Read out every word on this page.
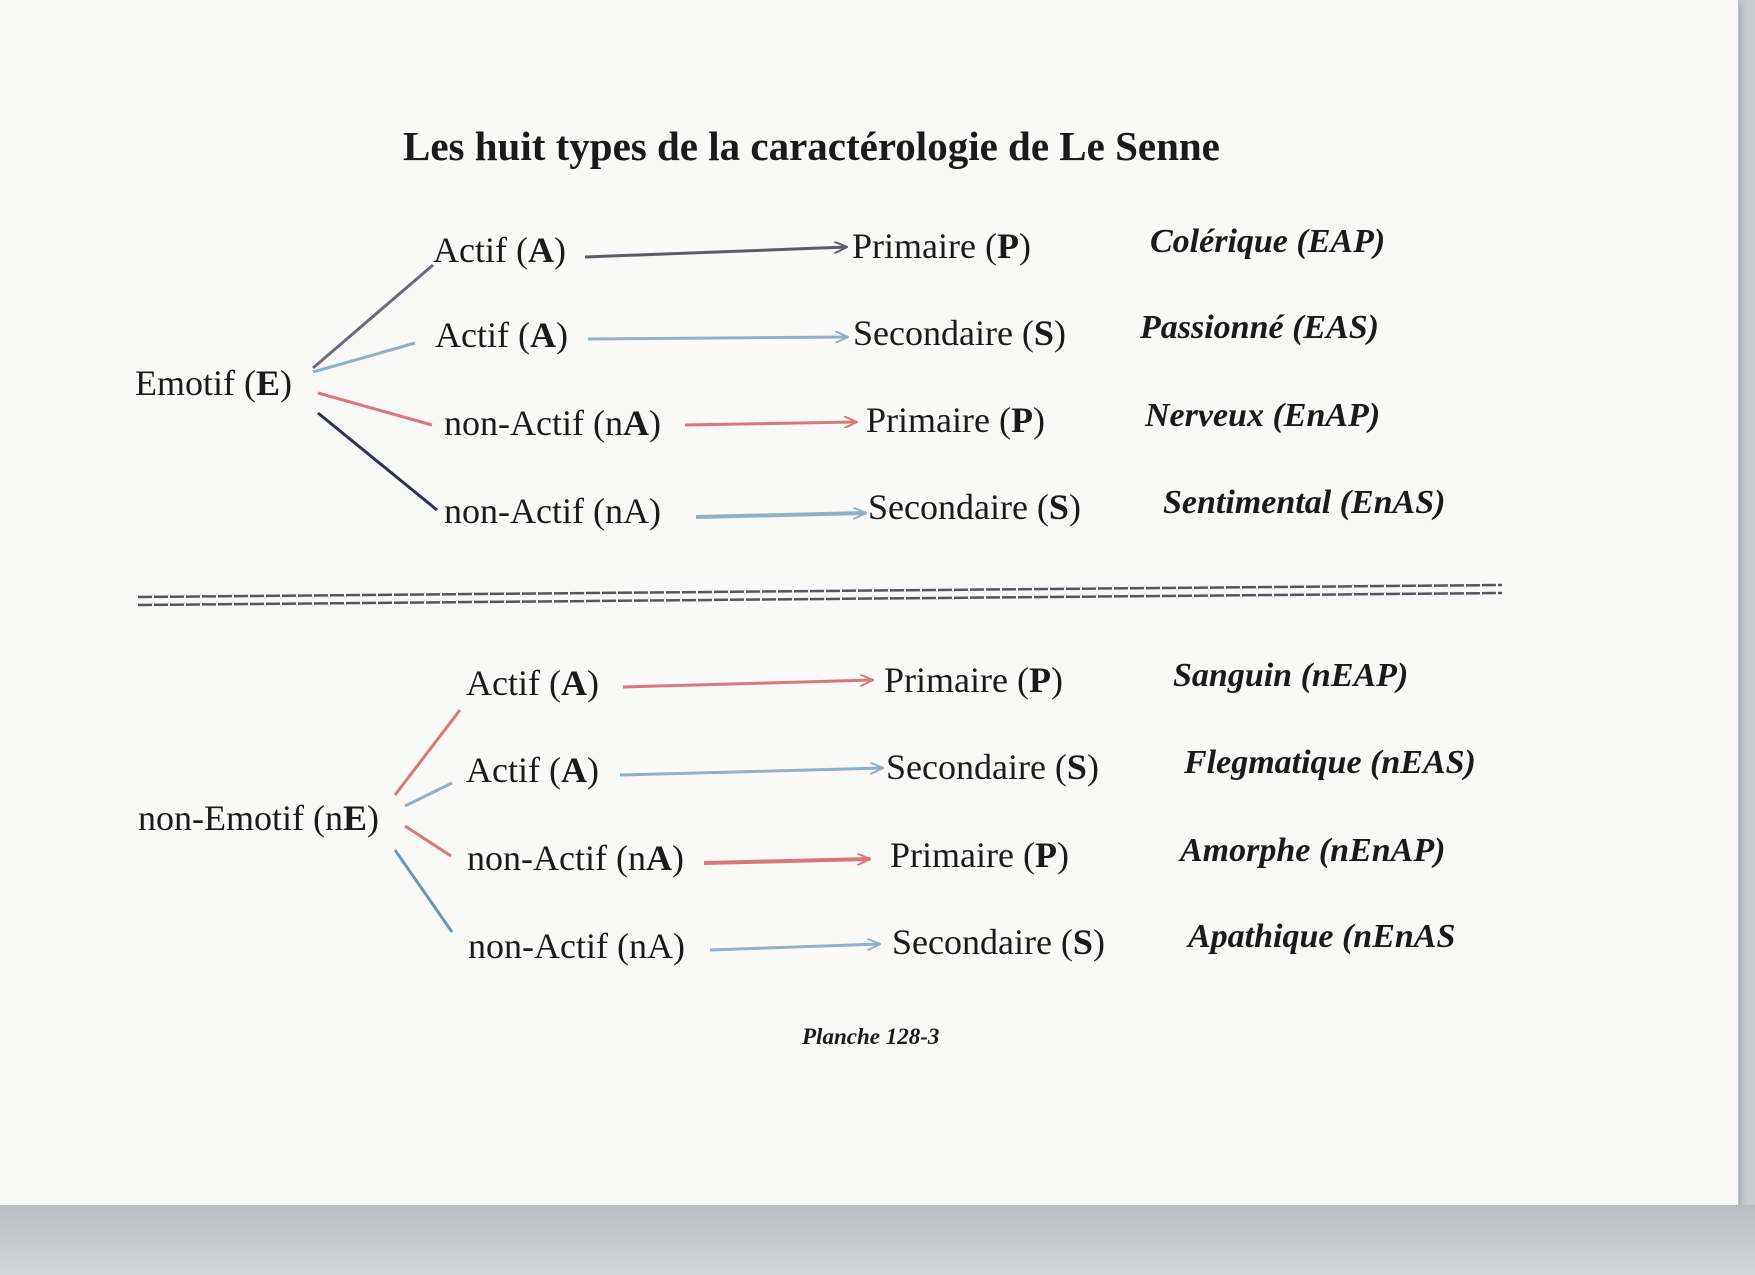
Les huit types de la caractérologie de Le Senne
Emotif (E)
Actif (A)	Primaire (P)	Colérique (EAP)
Actif (A)	Secondaire (S) Passionné (EAS)
non-Actif (nA)	Primaire (P)	Nerveux (EnAP)
non-Actif (nA)	Secondaire (S) Sentimental (EnAS)
non-Emotif (nE)
Actif (A)	Primaire (P)	Sanguin (nEAP)
Actif (A)	Secondaire (S)	Flegmatique (nEAS)
non-Actif (nA)	Primaire (P)	Amorphe (nEnAP)
non-Actif (nA)	Secondaire (S) Apathique (nEnAS
Planche 128-3
